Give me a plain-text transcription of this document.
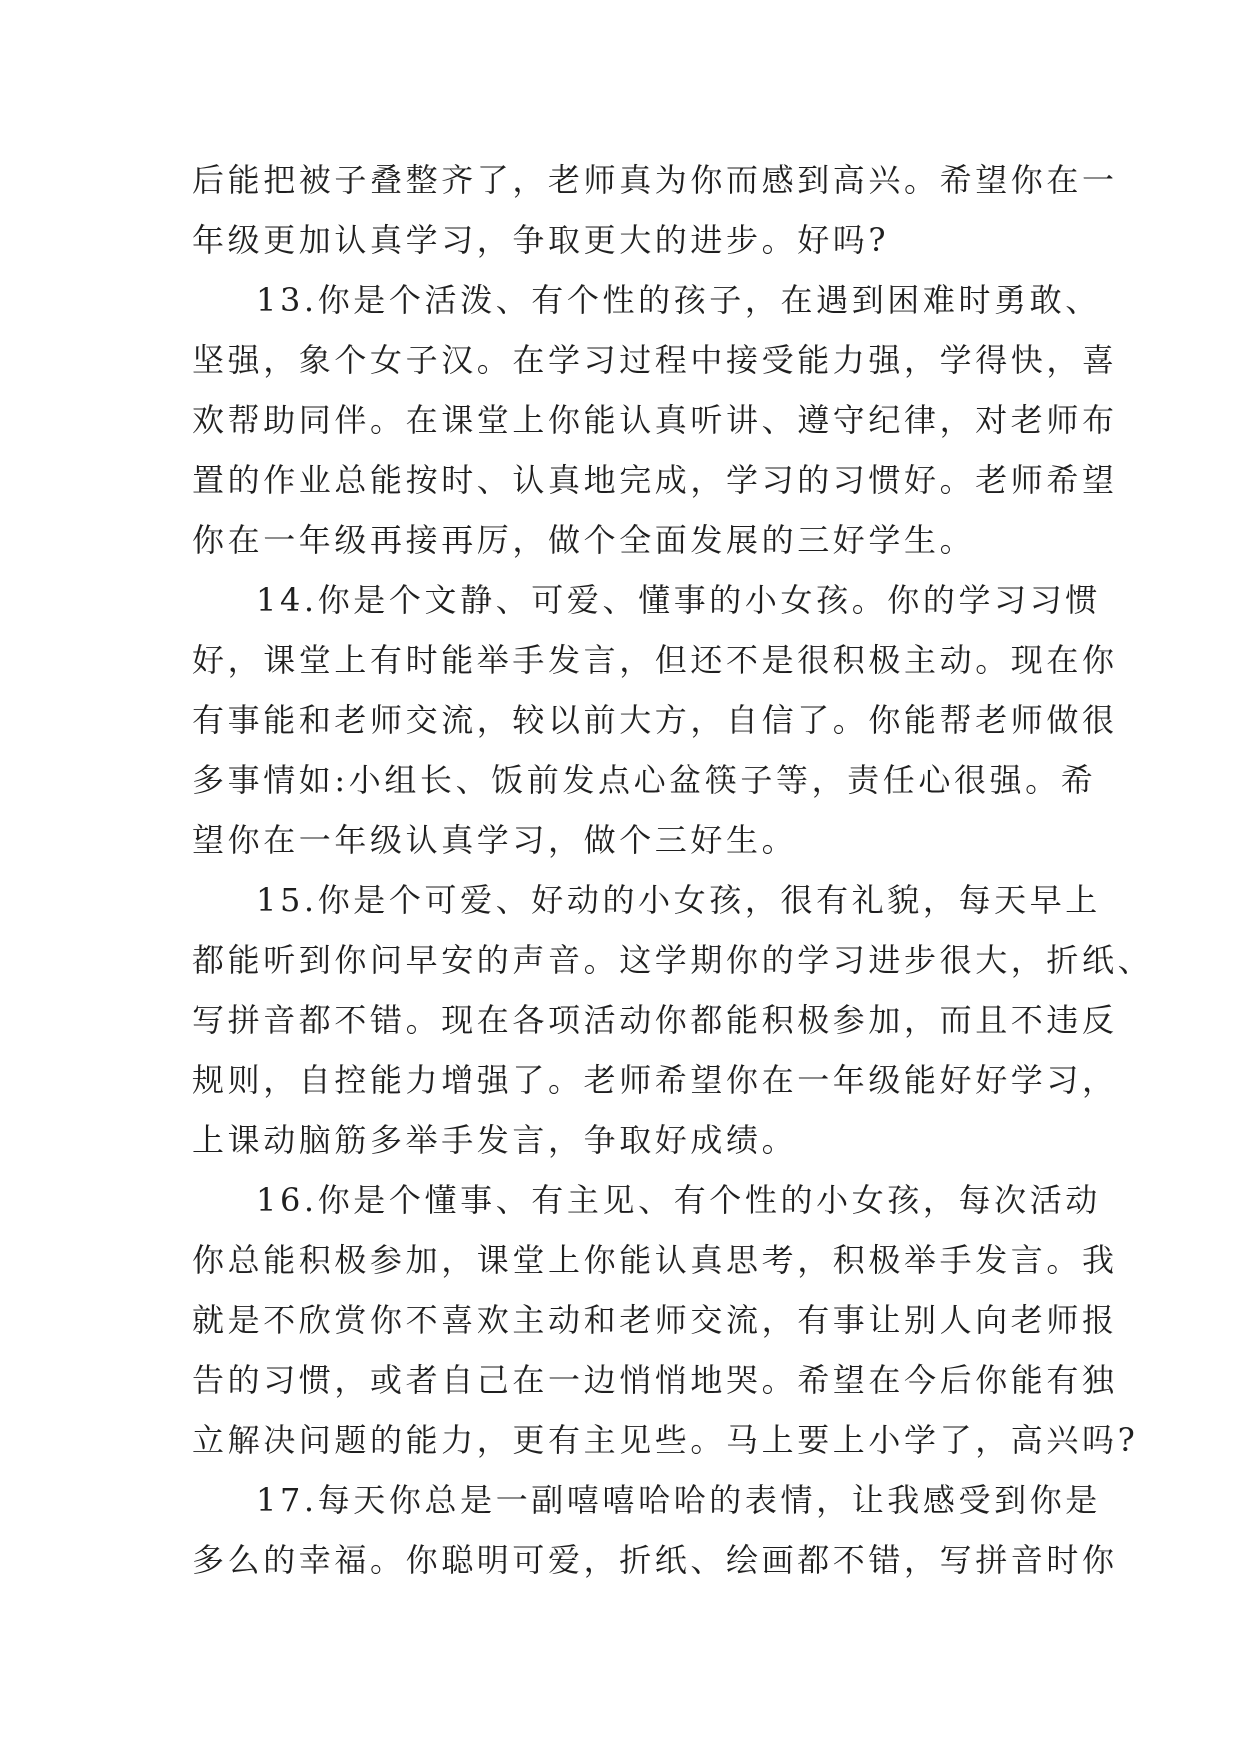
后能把被子叠整齐了，老师真为你而感到高兴。希望你在一
年级更加认真学习，争取更大的进步。好吗?
13.你是个活泼、有个性的孩子，在遇到困难时勇敢、
坚强，象个女子汉。在学习过程中接受能力强，学得快，喜
欢帮助同伴。在课堂上你能认真听讲、遵守纪律，对老师布
置的作业总能按时、认真地完成，学习的习惯好。老师希望
你在一年级再接再厉，做个全面发展的三好学生。
14.你是个文静、可爱、懂事的小女孩。你的学习习惯
好，课堂上有时能举手发言，但还不是很积极主动。现在你
有事能和老师交流，较以前大方，自信了。你能帮老师做很
多事情如:小组长、饭前发点心盆筷子等，责任心很强。希
望你在一年级认真学习，做个三好生。
15.你是个可爱、好动的小女孩，很有礼貌，每天早上
都能听到你问早安的声音。这学期你的学习进步很大，折纸、
写拼音都不错。现在各项活动你都能积极参加，而且不违反
规则，自控能力增强了。老师希望你在一年级能好好学习，
上课动脑筋多举手发言，争取好成绩。
16.你是个懂事、有主见、有个性的小女孩，每次活动
你总能积极参加，课堂上你能认真思考，积极举手发言。我
就是不欣赏你不喜欢主动和老师交流，有事让别人向老师报
告的习惯，或者自己在一边悄悄地哭。希望在今后你能有独
立解决问题的能力，更有主见些。马上要上小学了，高兴吗?
17.每天你总是一副嘻嘻哈哈的表情，让我感受到你是
多么的幸福。你聪明可爱，折纸、绘画都不错，写拼音时你
